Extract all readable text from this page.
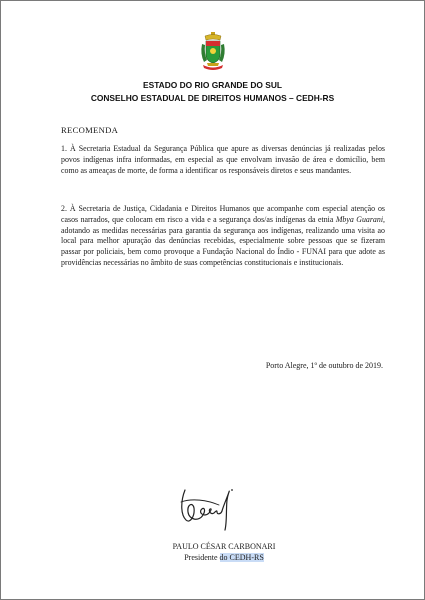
ESTADO DO RIO GRANDE DO SUL
CONSELHO ESTADUAL DE DIREITOS HUMANOS – CEDH-RS
RECOMENDA
1. À Secretaria Estadual da Segurança Pública que apure as diversas denúncias já realizadas pelos povos indígenas infra informadas, em especial as que envolvam invasão de área e domicílio, bem como as ameaças de morte, de forma a identificar os responsáveis diretos e seus mandantes.
2. À Secretaria de Justiça, Cidadania e Direitos Humanos que acompanhe com especial atenção os casos narrados, que colocam em risco a vida e a segurança dos/as indígenas da etnia Mbya Guarani, adotando as medidas necessárias para garantia da segurança aos indígenas, realizando uma visita ao local para melhor apuração das denúncias recebidas, especialmente sobre pessoas que se fizeram passar por policiais, bem como provoque a Fundação Nacional do Índio - FUNAI para que adote as providências necessárias no âmbito de suas competências constitucionais e institucionais.
Porto Alegre, 1º de outubro de 2019.
PAULO CÉSAR CARBONARI
Presidente do CEDH-RS
